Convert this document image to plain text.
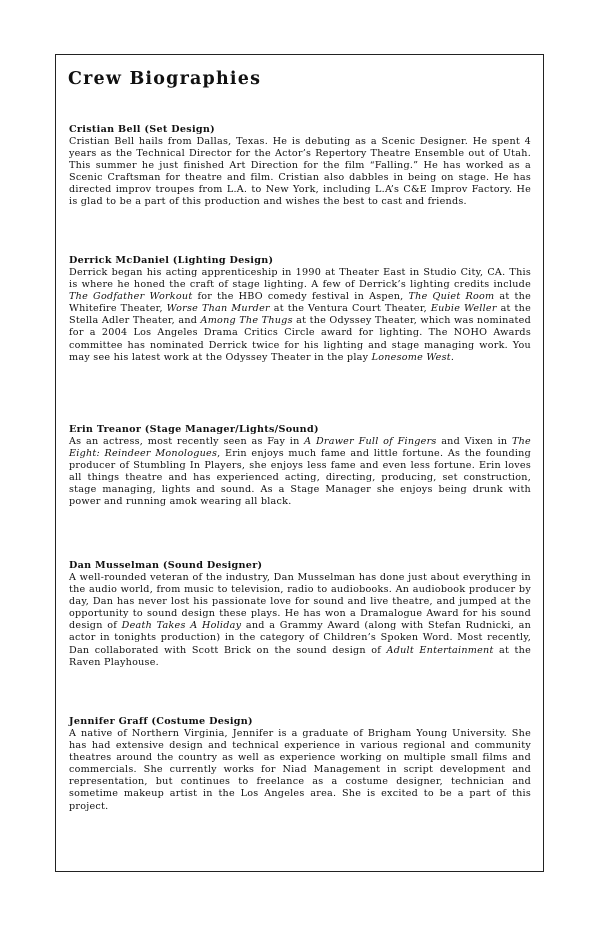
Crew Biographies
Cristian Bell (Set Design)

Cristian Bell hails from Dallas, Texas. He is debuting as a Scenic Designer. He spent 4 years as the Technical Director for the Actor’s Repertory Theatre Ensemble out of Utah. This summer he just finished Art Direction for the film “Falling.” He has worked as a Scenic Craftsman for theatre and film. Cristian also dabbles in being on stage. He has directed improv troupes from L.A. to New York, including L.A’s C&E Improv Factory. He is glad to be a part of this production and wishes the best to cast and friends.

Derrick McDaniel (Lighting Design)

Derrick began his acting apprenticeship in 1990 at Theater East in Studio City, CA. This is where he honed the craft of stage lighting. A few of Derrick’s lighting credits include The Godfather Workout for the HBO comedy festival in Aspen, The Quiet Room at the Whitefire Theater, Worse Than Murder at the Ventura Court Theater, Eubie Weller at the Stella Adler Theater, and Among The Thugs at the Odyssey Theater, which was nominated for a 2004 Los Angeles Drama Critics Circle award for lighting. The NOHO Awards committee has nominated Derrick twice for his lighting and stage managing work. You may see his latest work at the Odyssey Theater in the play Lonesome West.

Erin Treanor (Stage Manager/Lights/Sound)

As an actress, most recently seen as Fay in A Drawer Full of Fingers and Vixen in The Eight: Reindeer Monologues, Erin enjoys much fame and little fortune. As the founding producer of Stumbling In Players, she enjoys less fame and even less fortune. Erin loves all things theatre and has experienced acting, directing, producing, set construction, stage managing, lights and sound. As a Stage Manager she enjoys being drunk with power and running amok wearing all black.

Dan Musselman (Sound Designer)

A well-rounded veteran of the industry, Dan Musselman has done just about everything in the audio world, from music to television, radio to audiobooks. An audiobook producer by day, Dan has never lost his passionate love for sound and live theatre, and jumped at the opportunity to sound design these plays. He has won a Dramalogue Award for his sound design of Death Takes A Holiday and a Grammy Award (along with Stefan Rudnicki, an actor in tonights production) in the category of Children’s Spoken Word. Most recently, Dan collaborated with Scott Brick on the sound design of Adult Entertainment at the Raven Playhouse.

Jennifer Graff (Costume Design)

A native of Northern Virginia, Jennifer is a graduate of Brigham Young University. She has had extensive design and technical experience in various regional and community theatres around the country as well as experience working on multiple small films and commercials. She currently works for Niad Management in script development and representation, but continues to freelance as a costume designer, technician and sometime makeup artist in the Los Angeles area. She is excited to be a part of this project.
